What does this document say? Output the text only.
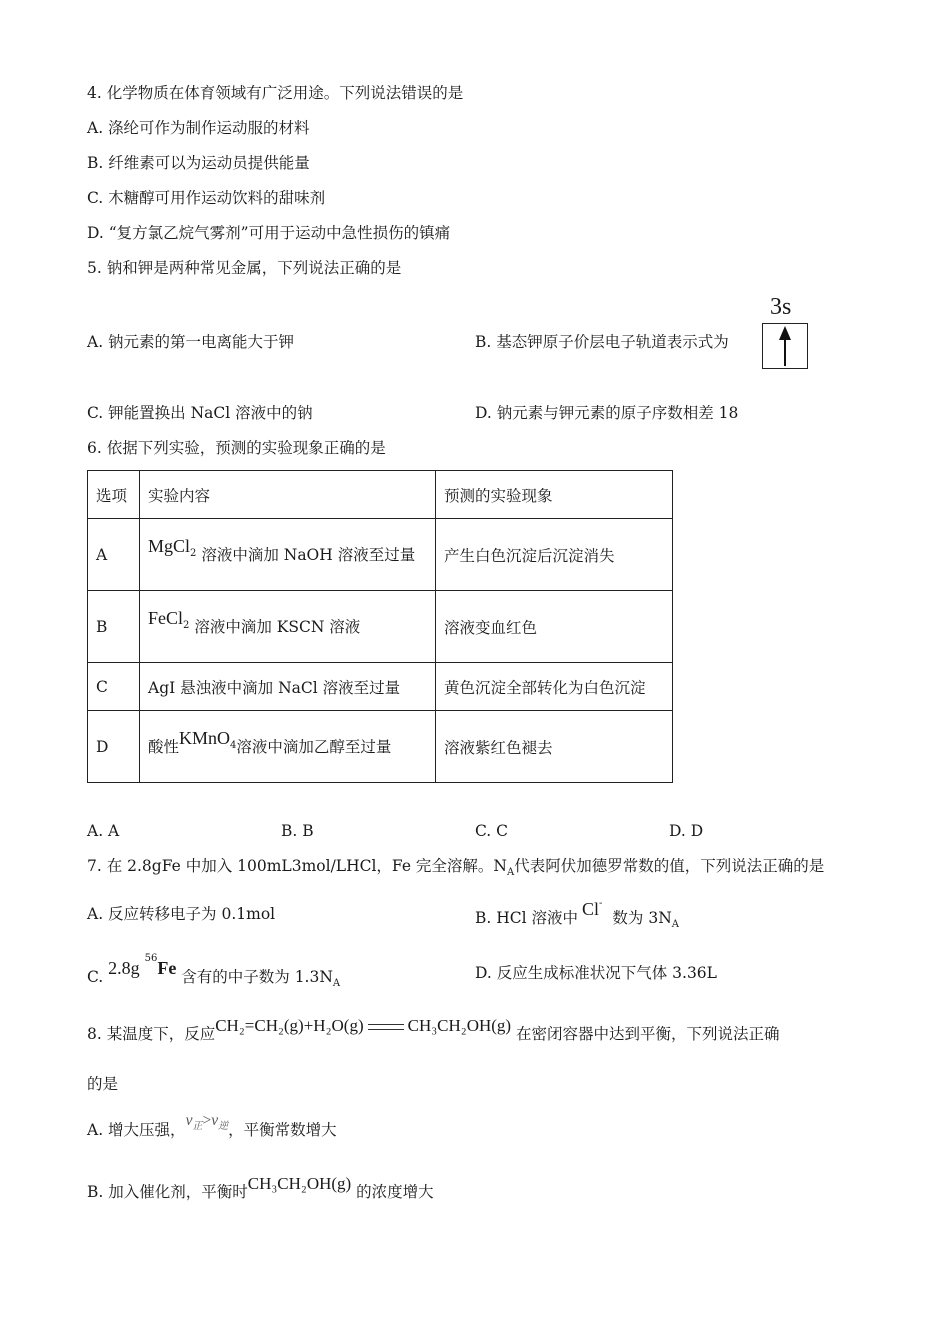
4. 化学物质在体育领域有广泛用途。下列说法错误的是
A. 涤纶可作为制作运动服的材料
B. 纤维素可以为运动员提供能量
C. 木糖醇可用作运动饮料的甜味剂
D. “复方氯乙烷气雾剂”可用于运动中急性损伤的镇痛
5. 钠和钾是两种常见金属，下列说法正确的是
A. 钠元素的第一电离能大于钾	B. 基态钾原子价层电子轨道表示式为
3s
C. 钾能置换出 NaCl 溶液中的钠	D. 钠元素与钾元素的原子序数相差 18
6. 依据下列实验，预测的实验现象正确的是
选项	实验内容	预测的实验现象
A	MgCl$^2$ 溶液中滴加 NaOH 溶液至过量	产生白色沉淀后沉淀消失
B	FeCl$^2$ 溶液中滴加 KSCN 溶液	溶液变血红色
C	AgI 悬浊液中滴加 NaCl 溶液至过量	黄色沉淀全部转化为白色沉淀
D	酸性KMnO$^4$溶液中滴加乙醇至过量	溶液紫红色褪去
A. A	B. B	C. C	D. D
7. 在 2.8gFe 中加入 100mL3mol/LHCl，Fe 完全溶解。$N_A$代表阿伏加德罗常数的值，下列说法正确的是
A. 反应转移电子为 0.1mol	B. HCl 溶液中 Cl-数为 $3N_A$
C. 2.8g $^{56}$Fe 含有的中子数为 $1.3N_A$
D. 反应生成标准状况下气体 3.36L
8. 某温度下，反应CH₂=CH₂(g)+H₂O(g)	CH₃CH₂OH(g) 在密闭容器中达到平衡，下列说法正确
的是
A. 增大压强，$v_正>v_逆$，平衡常数增大
B. 加入催化剂，平衡时CH₃CH₂OH(g) 的浓度增大
